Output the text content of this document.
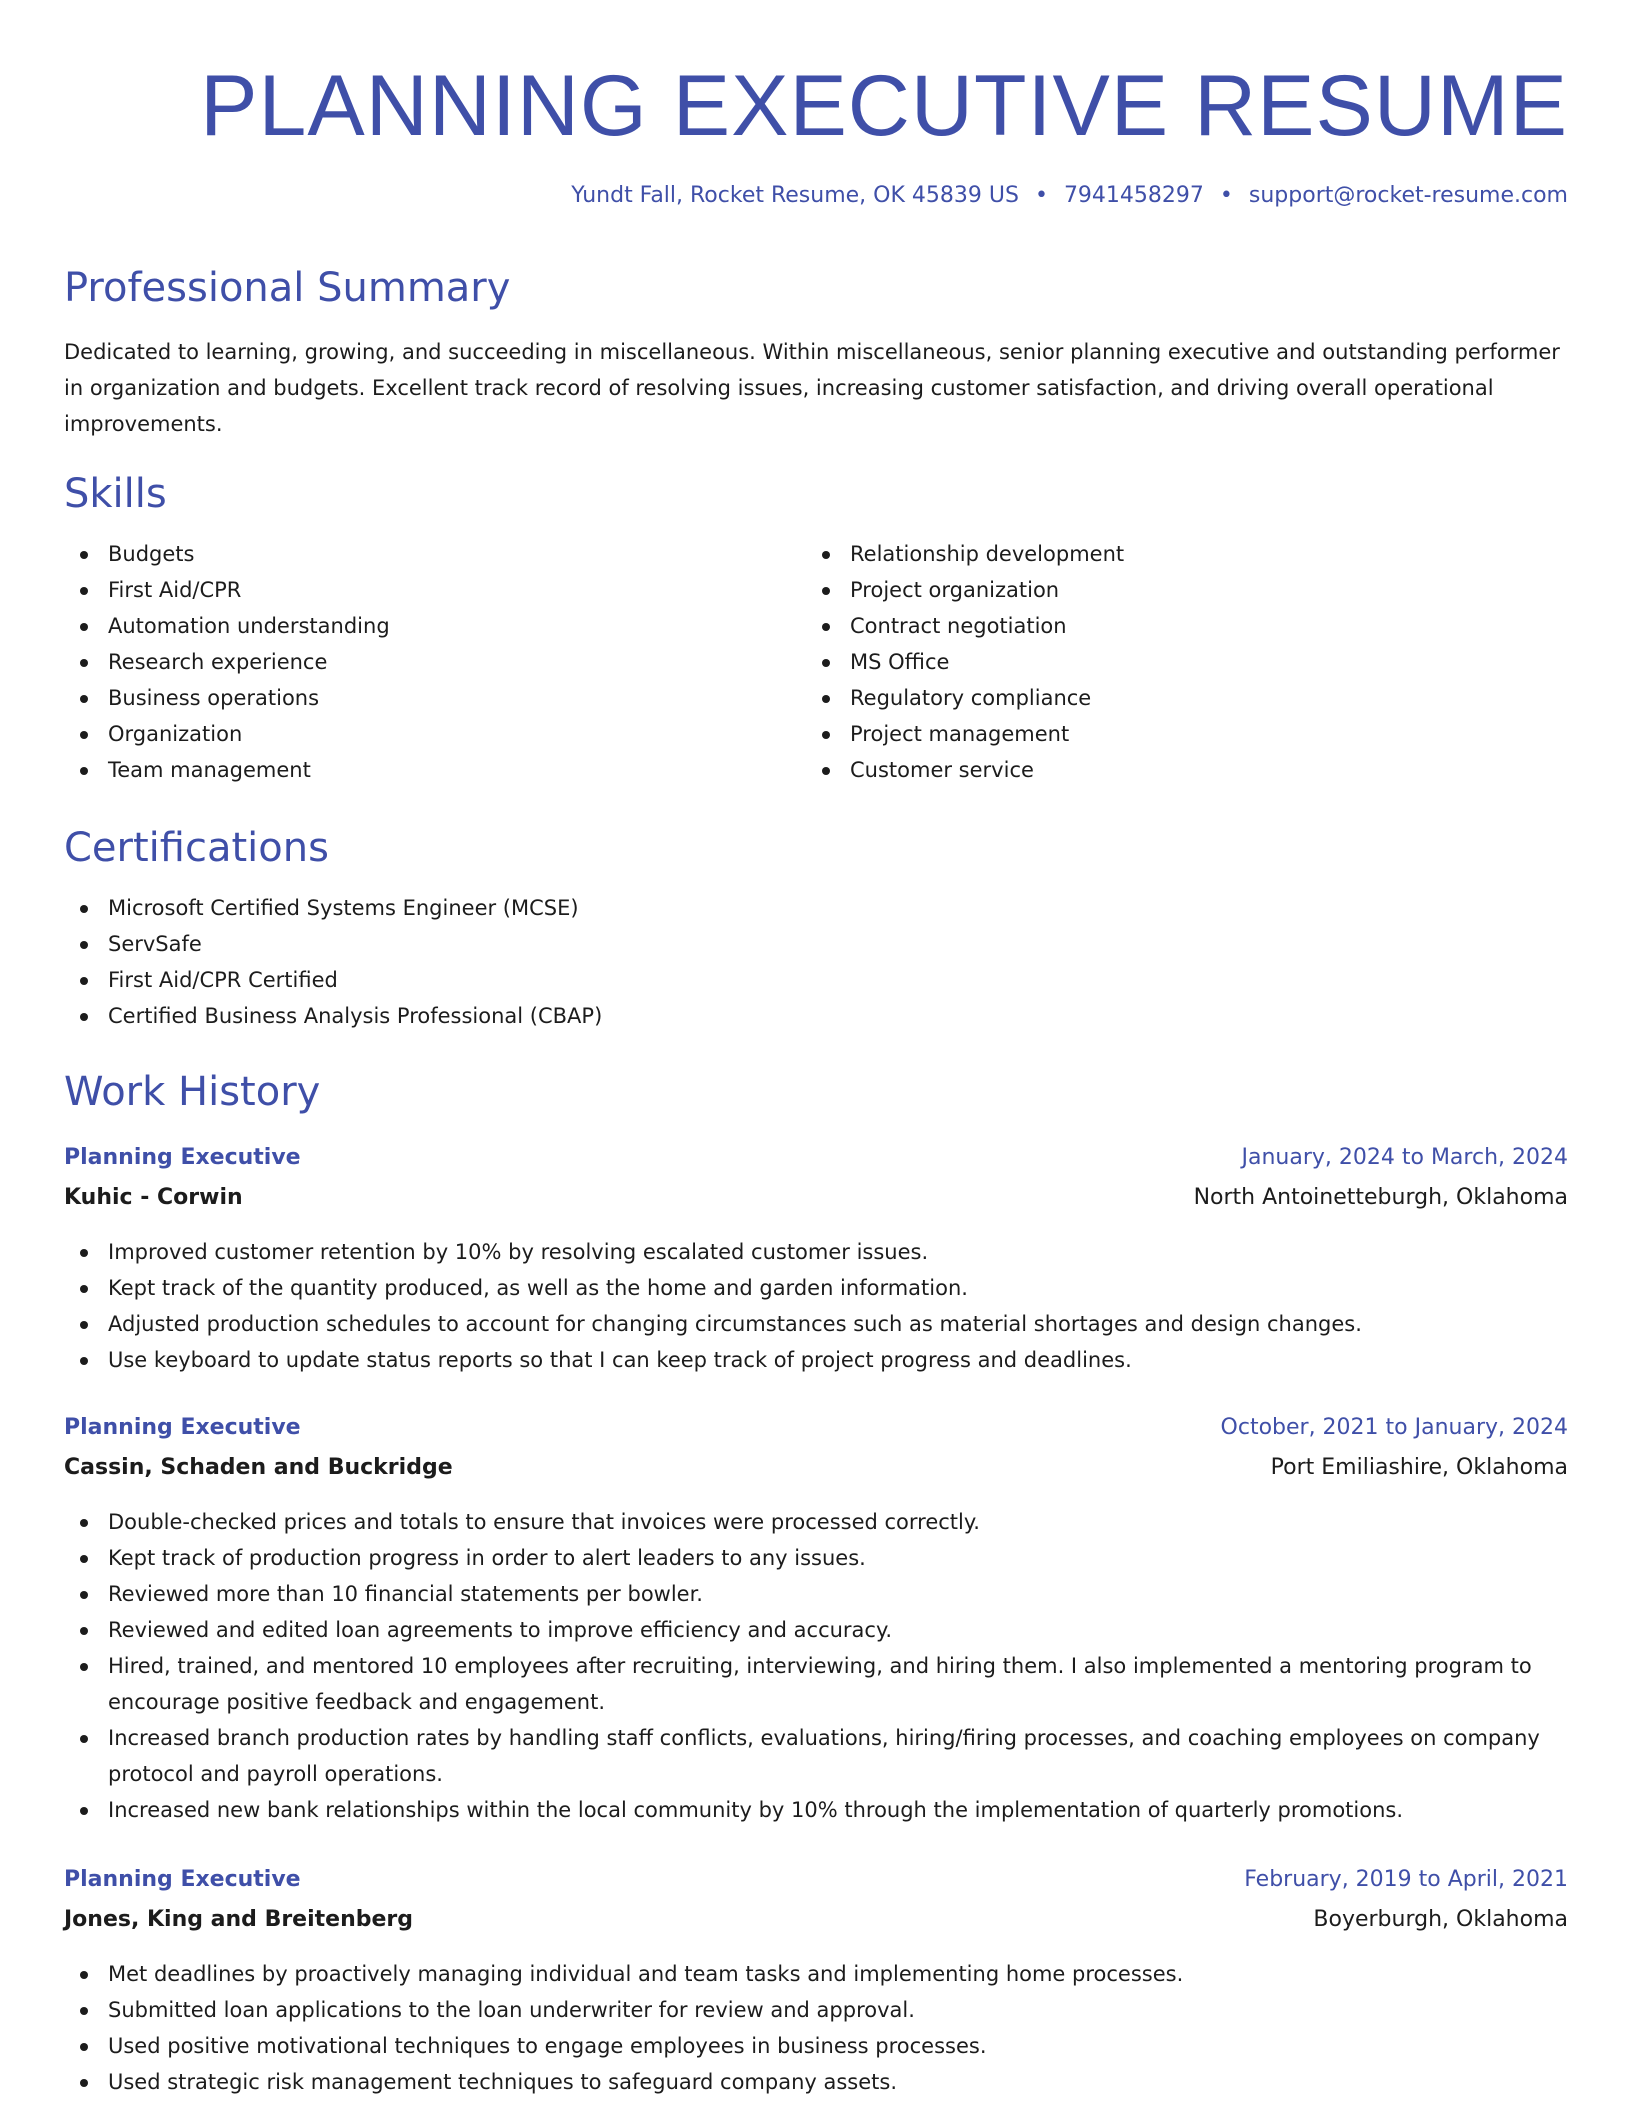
PLANNING EXECUTIVE RESUME
Yundt Fall, Rocket Resume, OK 45839 US • 7941458297 • support@rocket-resume.com
Professional Summary

Dedicated to learning, growing, and succeeding in miscellaneous. Within miscellaneous, senior planning executive and outstanding performer in organization and budgets. Excellent track record of resolving issues, increasing customer satisfaction, and driving overall operational improvements.

Skills
Budgets
First Aid/CPR
Automation understanding
Research experience
Business operations
Organization
Team management
Relationship development
Project organization
Contract negotiation
MS Office
Regulatory compliance
Project management
Customer service
Certifications
Microsoft Certified Systems Engineer (MCSE)
ServSafe
First Aid/CPR Certified
Certified Business Analysis Professional (CBAP)
Work History
Planning Executive	January, 2024 to March, 2024
Kuhic - Corwin	North Antoinetteburgh, Oklahoma
Improved customer retention by 10% by resolving escalated customer issues.
Kept track of the quantity produced, as well as the home and garden information.
Adjusted production schedules to account for changing circumstances such as material shortages and design changes.
Use keyboard to update status reports so that I can keep track of project progress and deadlines.
Planning Executive	October, 2021 to January, 2024
Cassin, Schaden and Buckridge	Port Emiliashire, Oklahoma
Double-checked prices and totals to ensure that invoices were processed correctly.
Kept track of production progress in order to alert leaders to any issues.
Reviewed more than 10 financial statements per bowler.
Reviewed and edited loan agreements to improve efficiency and accuracy.
Hired, trained, and mentored 10 employees after recruiting, interviewing, and hiring them. I also implemented a mentoring program to encourage positive feedback and engagement.
Increased branch production rates by handling staff conflicts, evaluations, hiring/firing processes, and coaching employees on company protocol and payroll operations.
Increased new bank relationships within the local community by 10% through the implementation of quarterly promotions.
Planning Executive	February, 2019 to April, 2021
Jones, King and Breitenberg	Boyerburgh, Oklahoma
Met deadlines by proactively managing individual and team tasks and implementing home processes.
Submitted loan applications to the loan underwriter for review and approval.
Used positive motivational techniques to engage employees in business processes.
Used strategic risk management techniques to safeguard company assets.
